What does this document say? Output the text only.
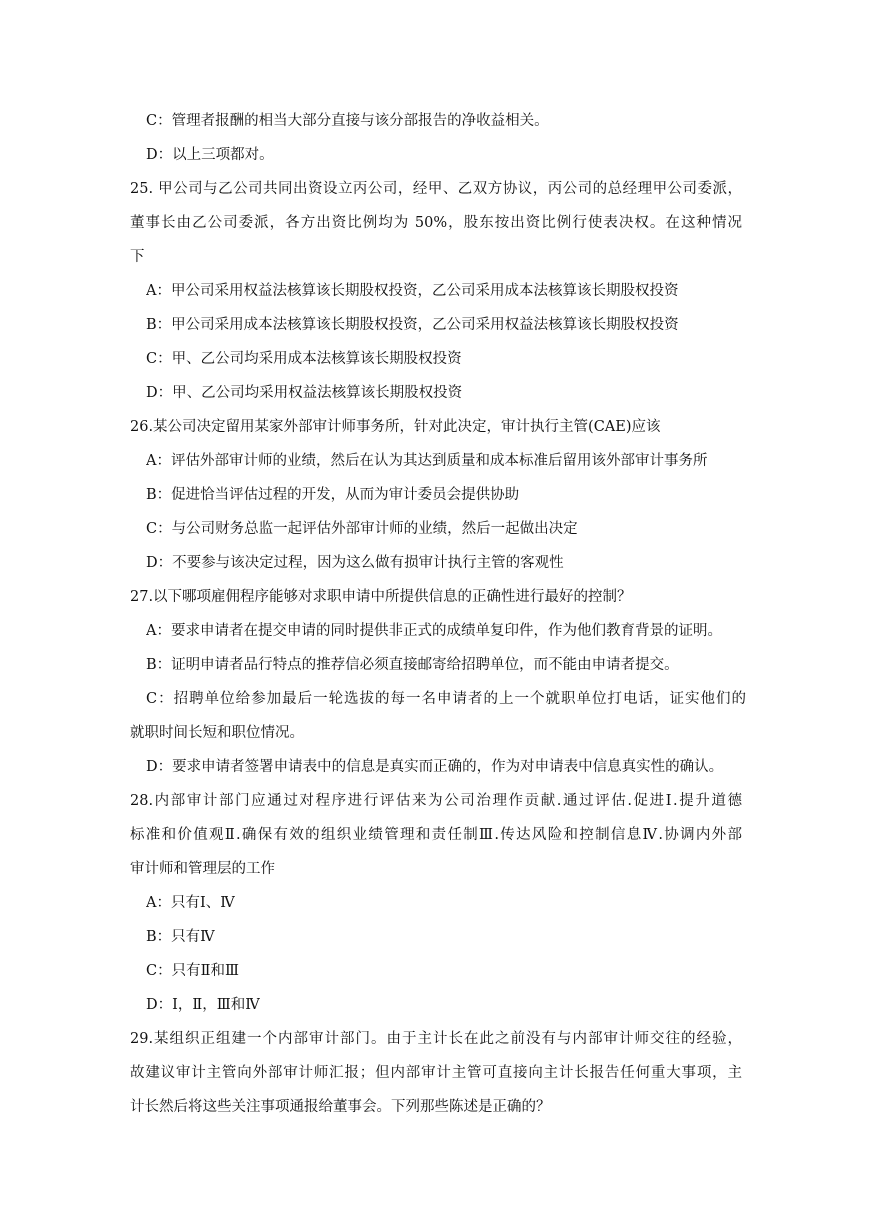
C：管理者报酬的相当大部分直接与该分部报告的净收益相关。
D：以上三项都对。
25. 甲公司与乙公司共同出资设立丙公司，经甲、乙双方协议，丙公司的总经理甲公司委派，
董事长由乙公司委派，各方出资比例均为 50%，股东按出资比例行使表决权。在这种情况
下
A：甲公司采用权益法核算该长期股权投资，乙公司采用成本法核算该长期股权投资
B：甲公司采用成本法核算该长期股权投资，乙公司采用权益法核算该长期股权投资
C：甲、乙公司均采用成本法核算该长期股权投资
D：甲、乙公司均采用权益法核算该长期股权投资
26.某公司决定留用某家外部审计师事务所，针对此决定，审计执行主管(CAE)应该
A：评估外部审计师的业绩，然后在认为其达到质量和成本标准后留用该外部审计事务所
B：促进恰当评估过程的开发，从而为审计委员会提供协助
C：与公司财务总监一起评估外部审计师的业绩，然后一起做出决定
D：不要参与该决定过程，因为这么做有损审计执行主管的客观性
27.以下哪项雇佣程序能够对求职申请中所提供信息的正确性进行最好的控制？
A：要求申请者在提交申请的同时提供非正式的成绩单复印件，作为他们教育背景的证明。
B：证明申请者品行特点的推荐信必须直接邮寄给招聘单位，而不能由申请者提交。
C：招聘单位给参加最后一轮选拔的每一名申请者的上一个就职单位打电话，证实他们的
就职时间长短和职位情况。
D：要求申请者签署申请表中的信息是真实而正确的，作为对申请表中信息真实性的确认。
28.内部审计部门应通过对程序进行评估来为公司治理作贡献.通过评估.促进Ⅰ.提升道德
标准和价值观Ⅱ.确保有效的组织业绩管理和责任制Ⅲ.传达风险和控制信息Ⅳ.协调内外部
审计师和管理层的工作
A：只有Ⅰ、Ⅳ
B：只有Ⅳ
C：只有Ⅱ和Ⅲ
D：Ⅰ，Ⅱ，Ⅲ和Ⅳ
29.某组织正组建一个内部审计部门。由于主计长在此之前没有与内部审计师交往的经验，
故建议审计主管向外部审计师汇报；但内部审计主管可直接向主计长报告任何重大事项，主
计长然后将这些关注事项通报给董事会。下列那些陈述是正确的？
